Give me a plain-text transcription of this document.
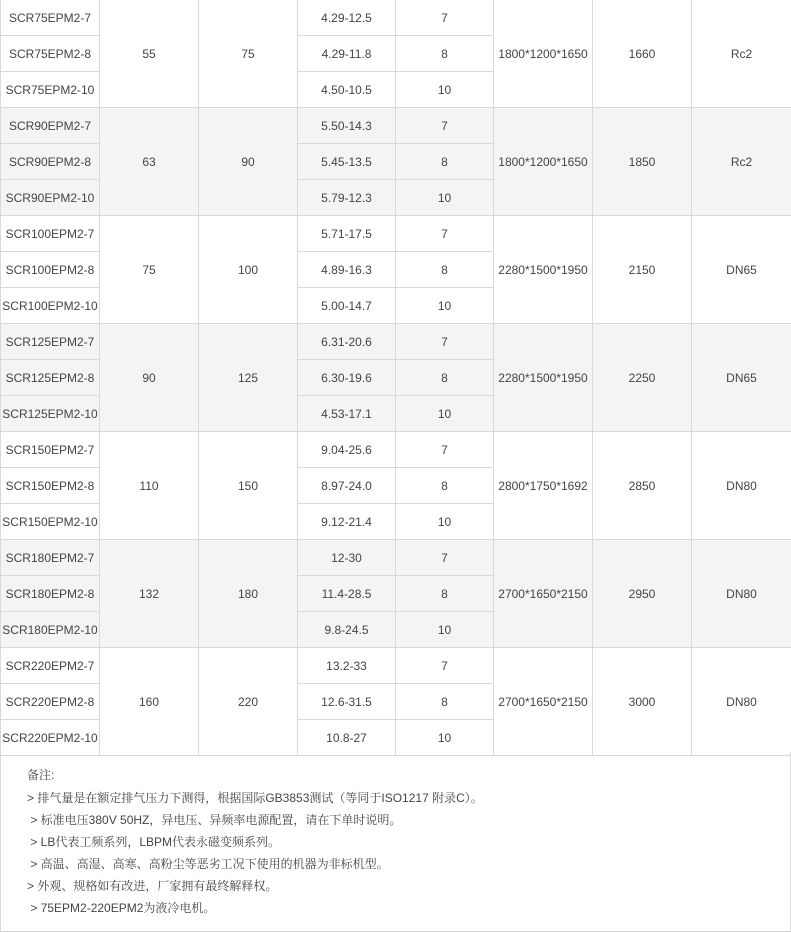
SCR75EPM2-7	55	75	4.29-12.5	7	1800*1200*1650	1660	Rc2
SCR75EPM2-8			4.29-11.8	8			
SCR75EPM2-10			4.50-10.5	10			
SCR90EPM2-7	63	90	5.50-14.3	7	1800*1200*1650	1850	Rc2
SCR90EPM2-8			5.45-13.5	8			
SCR90EPM2-10			5.79-12.3	10			
SCR100EPM2-7	75	100	5.71-17.5	7	2280*1500*1950	2150	DN65
SCR100EPM2-8			4.89-16.3	8			
SCR100EPM2-10			5.00-14.7	10			
SCR125EPM2-7	90	125	6.31-20.6	7	2280*1500*1950	2250	DN65
SCR125EPM2-8			6.30-19.6	8			
SCR125EPM2-10			4.53-17.1	10			
SCR150EPM2-7	110	150	9.04-25.6	7	2800*1750*1692	2850	DN80
SCR150EPM2-8			8.97-24.0	8			
SCR150EPM2-10			9.12-21.4	10			
SCR180EPM2-7	132	180	12-30	7	2700*1650*2150	2950	DN80
SCR180EPM2-8			11.4-28.5	8			
SCR180EPM2-10			9.8-24.5	10			
SCR220EPM2-7	160	220	13.2-33	7	2700*1650*2150	3000	DN80
SCR220EPM2-8			12.6-31.5	8			
SCR220EPM2-10			10.8-27	10			
备注:
> 排气量是在额定排气压力下测得，根据国际GB3853测试（等同于ISO1217 附录C）。
> 标准电压380V 50HZ，异电压、异频率电源配置，请在下单时说明。
> LB代表工频系列，LBPM代表永磁变频系列。
> 高温、高湿、高寒、高粉尘等恶劣工况下使用的机器为非标机型。
> 外观、规格如有改进，厂家拥有最终解释权。
> 75EPM2-220EPM2为液冷电机。
